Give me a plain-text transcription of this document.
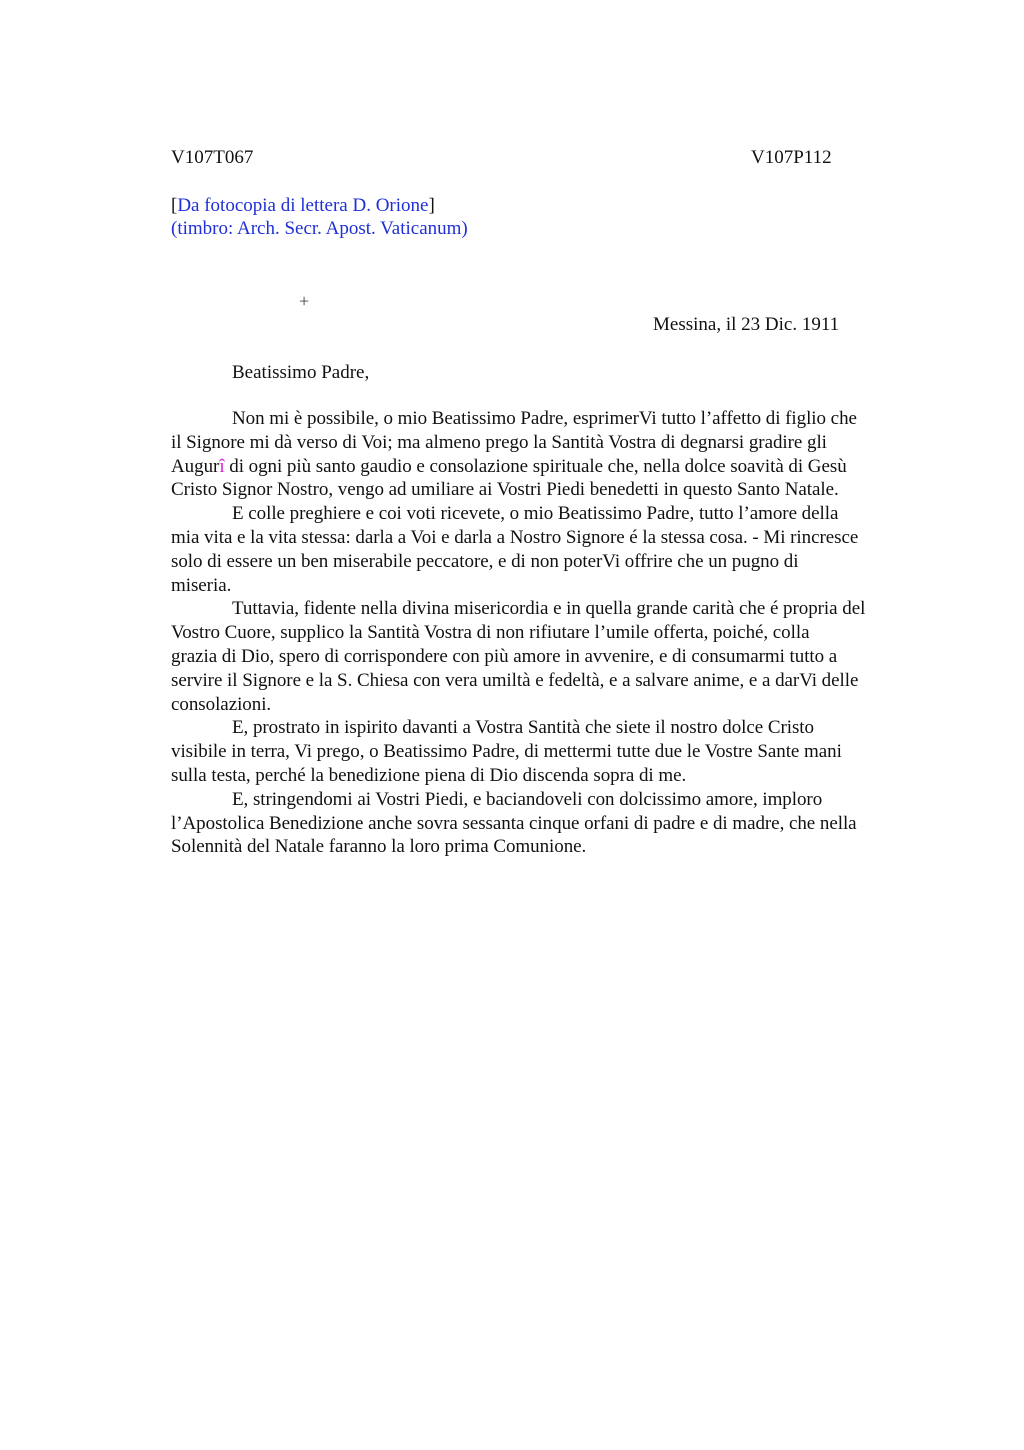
V107T067	V107P112
[Da fotocopia di lettera D. Orione]
(timbro: Arch. Secr. Apost. Vaticanum)
+
Messina, il 23 Dic. 1911
Beatissimo Padre,
Non mi è possibile, o mio Beatissimo Padre, esprimerVi tutto l’affetto di figlio che
il Signore mi dà verso di Voi; ma almeno prego la Santità Vostra di degnarsi gradire gli
Augurî di ogni più santo gaudio e consolazione spirituale che, nella dolce soavità di Gesù
Cristo Signor Nostro, vengo ad umiliare ai Vostri Piedi benedetti in questo Santo Natale.
E colle preghiere e coi voti ricevete, o mio Beatissimo Padre, tutto l’amore della
mia vita e la vita stessa: darla a Voi e darla a Nostro Signore é la stessa cosa. - Mi rincresce
solo di essere un ben miserabile peccatore, e di non poterVi offrire che un pugno di
miseria.
Tuttavia, fidente nella divina misericordia e in quella grande carità che é propria del
Vostro Cuore, supplico la Santità Vostra di non rifiutare l’umile offerta, poiché, colla
grazia di Dio, spero di corrispondere con più amore in avvenire, e di consumarmi tutto a
servire il Signore e la S. Chiesa con vera umiltà e fedeltà, e a salvare anime, e a darVi delle
consolazioni.
E, prostrato in ispirito davanti a Vostra Santità che siete il nostro dolce Cristo
visibile in terra, Vi prego, o Beatissimo Padre, di mettermi tutte due le Vostre Sante mani
sulla testa, perché la benedizione piena di Dio discenda sopra di me.
E, stringendomi ai Vostri Piedi, e baciandoveli con dolcissimo amore, imploro
l’Apostolica Benedizione anche sovra sessanta cinque orfani di padre e di madre, che nella
Solennità del Natale faranno la loro prima Comunione.
